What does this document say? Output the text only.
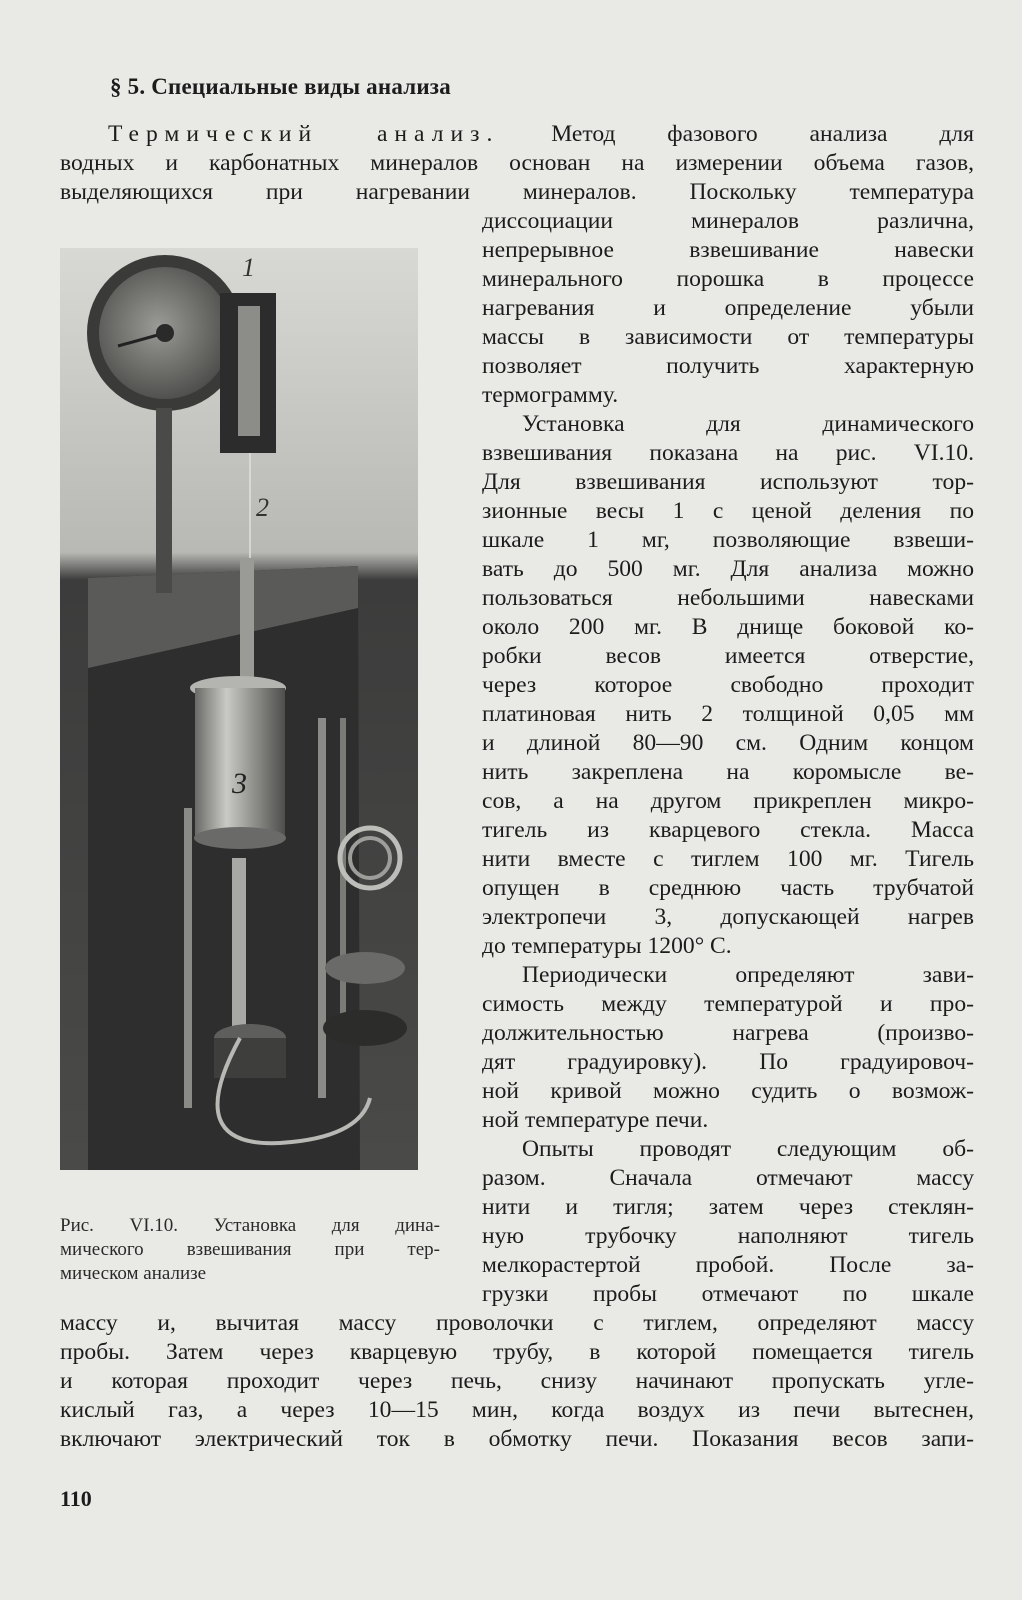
§ 5. Специальные виды анализа
Термический анализ. Метод фазового анализа для
водных и карбонатных минералов основан на измерении объема газов,
выделяющихся при нагревании минералов. Поскольку температура
диссоциации минералов различна,
непрерывное взвешивание навески
минерального порошка в процессе
нагревания и определение убыли
массы в зависимости от температуры
позволяет получить характерную
термограмму.
Установка для динамического
взвешивания показана на рис. VI.10.
Для взвешивания используют тор-
зионные весы 1 с ценой деления по
шкале 1 мг, позволяющие взвеши-
вать до 500 мг. Для анализа можно
пользоваться небольшими навесками
около 200 мг. В днище боковой ко-
робки весов имеется отверстие,
через которое свободно проходит
платиновая нить 2 толщиной 0,05 мм
и длиной 80—90 см. Одним концом
нить закреплена на коромысле ве-
сов, а на другом прикреплен микро-
тигель из кварцевого стекла. Масса
нити вместе с тиглем 100 мг. Тигель
опущен в среднюю часть трубчатой
электропечи 3, допускающей нагрев
до температуры 1200° С.
Периодически определяют зави-
симость между температурой и про-
должительностью нагрева (произво-
дят градуировку). По градуировоч-
ной кривой можно судить о возмож-
ной температуре печи.
Опыты проводят следующим об-
разом. Сначала отмечают массу
нити и тигля; затем через стеклян-
ную трубочку наполняют тигель
мелкорастертой пробой. После за-
грузки пробы отмечают по шкале
1
2
3
Рис. VI.10. Установка для дина-
мического взвешивания при тер-
мическом анализе
массу и, вычитая массу проволочки с тиглем, определяют массу
пробы. Затем через кварцевую трубу, в которой помещается тигель
и которая проходит через печь, снизу начинают пропускать угле-
кислый газ, а через 10—15 мин, когда воздух из печи вытеснен,
включают электрический ток в обмотку печи. Показания весов запи-
110
